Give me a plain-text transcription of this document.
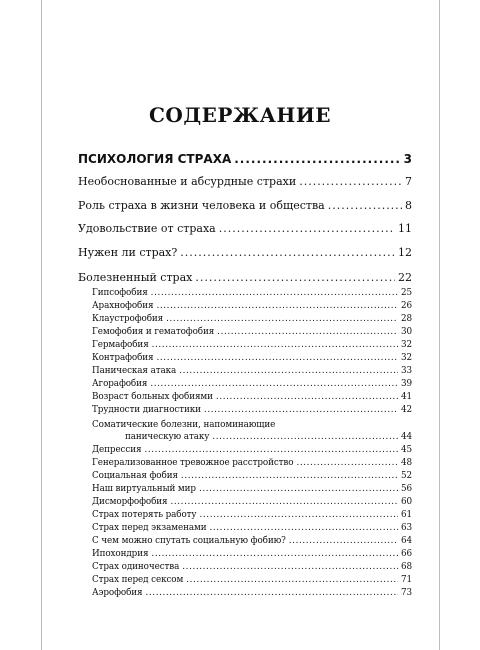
СОДЕРЖАНИЕ
ПСИХОЛОГИЯ СТРАХА .....	3
Необоснованные и абсурдные страхи .....	7
Роль страха в жизни человека и общества .....	8
Удовольствие от страха .....	11
Нужен ли страх? .....	12
Болезненный страх .....	22
Гипсофобия .....	25
Арахнофобия .....	26
Клаустрофобия .....	28
Гемофобия и гематофобия .....	30
Гермафобия .....	32
Контрафобия .....	32
Паническая атака .....	33
Агорафобия .....	39
Возраст больных фобиями .....	41
Трудности диагностики .....	42
Соматические болезни, напоминающие
паническую атаку .....	44
Депрессия .....	45
Генерализованное тревожное расстройство .....	48
Социальная фобия .....	52
Наш виртуальный мир .....	56
Дисморфофобия .....	60
Страх потерять работу .....	61
Страх перед экзаменами .....	63
С чем можно спутать социальную фобию? .....	64
Ипохондрия .....	66
Страх одиночества .....	68
Страх перед сексом .....	71
Аэрофобия .....	73
